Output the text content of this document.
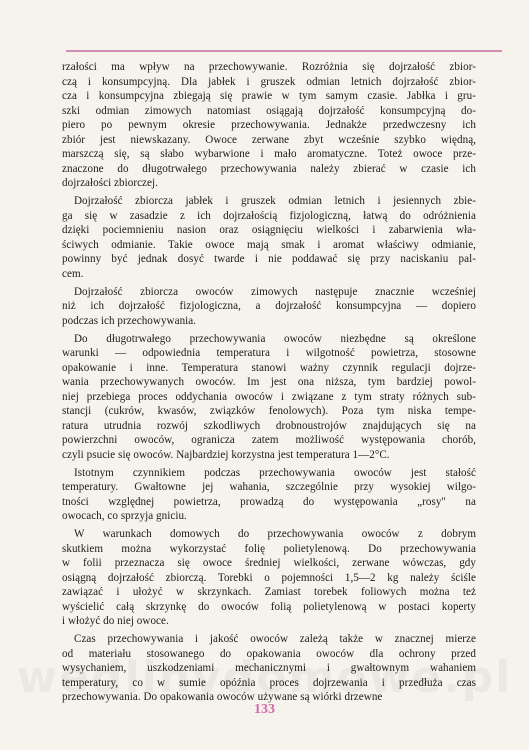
rzałości ma wpływ na przechowywanie. Rozróżnia się dojrzałość zbior-
czą i konsumpcyjną. Dla jabłek i gruszek odmian letnich dojrzałość zbior-
cza i konsumpcyjna zbiegają się prawie w tym samym czasie. Jabłka i gru-
szki odmian zimowych natomiast osiągają dojrzałość konsumpcyjną do-
piero po pewnym okresie przechowywania. Jednakże przedwczesny ich
zbiór jest niewskazany. Owoce zerwane zbyt wcześnie szybko więdną,
marszczą się, są słabo wybarwione i mało aromatyczne. Toteż owoce prze-
znaczone do długotrwałego przechowywania należy zbierać w czasie ich
dojrzałości zbiorczej.
Dojrzałość zbiorcza jabłek i gruszek odmian letnich i jesiennych zbie-
ga się w zasadzie z ich dojrzałością fizjologiczną, łatwą do odróżnienia
dzięki pociemnieniu nasion oraz osiągnięciu wielkości i zabarwienia wła-
ściwych odmianie. Takie owoce mają smak i aromat właściwy odmianie,
powinny być jednak dosyć twarde i nie poddawać się przy naciskaniu pal-
cem.
Dojrzałość zbiorcza owoców zimowych następuje znacznie wcześniej
niż ich dojrzałość fizjologiczna, a dojrzałość konsumpcyjna — dopiero
podczas ich przechowywania.
Do długotrwałego przechowywania owoców niezbędne są określone
warunki — odpowiednia temperatura i wilgotność powietrza, stosowne
opakowanie i inne. Temperatura stanowi ważny czynnik regulacji dojrze-
wania przechowywanych owoców. Im jest ona niższa, tym bardziej powol-
niej przebiega proces oddychania owoców i związane z tym straty różnych sub-
stancji (cukrów, kwasów, związków fenolowych). Poza tym niska tempe-
ratura utrudnia rozwój szkodliwych drobnoustrojów znajdujących się na
powierzchni owoców, ogranicza zatem możliwość występowania chorób,
czyli psucie się owoców. Najbardziej korzystna jest temperatura 1—2°C.
Istotnym czynnikiem podczas przechowywania owoców jest stałość
temperatury. Gwałtowne jej wahania, szczególnie przy wysokiej wilgo-
tności względnej powietrza, prowadzą do występowania „rosy" na
owocach, co sprzyja gniciu.
W warunkach domowych do przechowywania owoców z dobrym
skutkiem można wykorzystać folię polietylenową. Do przechowywania
w folii przeznacza się owoce średniej wielkości, zerwane wówczas, gdy
osiągną dojrzałość zbiorczą. Torebki o pojemności 1,5—2 kg należy ściśle
zawiązać i ułożyć w skrzynkach. Zamiast torebek foliowych można też
wyścielić całą skrzynkę do owoców folią polietylenową w postaci koperty
i włożyć do niej owoce.
Czas przechowywania i jakość owoców zależą także w znacznej mierze
od materiału stosowanego do opakowania owoców dla ochrony przed
wysychaniem, uszkodzeniami mechanicznymi i gwałtownym wahaniem
temperatury, co w sumie opóźnia proces dojrzewania i przedłuża czas
przechowywania. Do opakowania owoców używane są wiórki drzewne
133
